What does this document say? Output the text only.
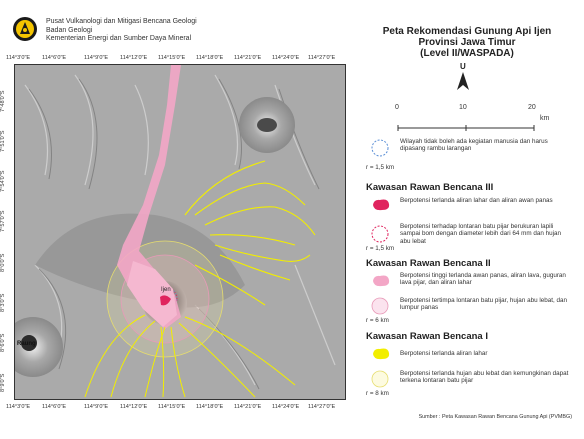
Pusat Vulkanologi dan Mitigasi Bencana Geologi
Badan Geologi
Kementerian Energi dan Sumber Daya Mineral
114°3'0"E 114°6'0"E	114°9'0"E 114°12'0"E 114°15'0"E 114°18'0"E 114°21'0"E 114°24'0"E 114°27'0"E
114°3'0"E 114°6'0"E	114°9'0"E 114°12'0"E 114°15'0"E 114°18'0"E 114°21'0"E 114°24'0"E 114°27'0"E
7°48'0"S
7°51'0"S
7°54'0"S
7°57'0"S
8°0'0"S
8°3'0"S
8°6'0"S
8°9'0"S
Ijen
Raung
Peta Rekomendasi Gunung Api Ijen
Provinsi Jawa Timur
(Level II/WASPADA)
U
0	10	20
km
Wilayah tidak boleh ada kegiatan manusia dan harus dipasang rambu larangan
r = 1,5 km
Kawasan Rawan Bencana III
Berpotensi terlanda aliran lahar dan aliran awan panas
Berpotensi terhadap lontaran batu pijar berukuran lapili sampai bom dengan diameter lebih dari 64 mm dan hujan abu lebat
r = 1,5 km
Kawasan Rawan Bencana II
Berpotensi tinggi terlanda awan panas, aliran lava, guguran lava pijar, dan aliran lahar
Berpotensi tertimpa lontaran batu pijar, hujan abu lebat, dan lumpur panas
r = 6 km
Kawasan Rawan Bencana I
Berpotensi terlanda aliran lahar
Berpotensi terlanda hujan abu lebat dan kemungkinan dapat terkena lontaran batu pijar
r = 8 km
Sumber : Peta Kawasan Rawan Bencana Gunung Api (PVMBG)
